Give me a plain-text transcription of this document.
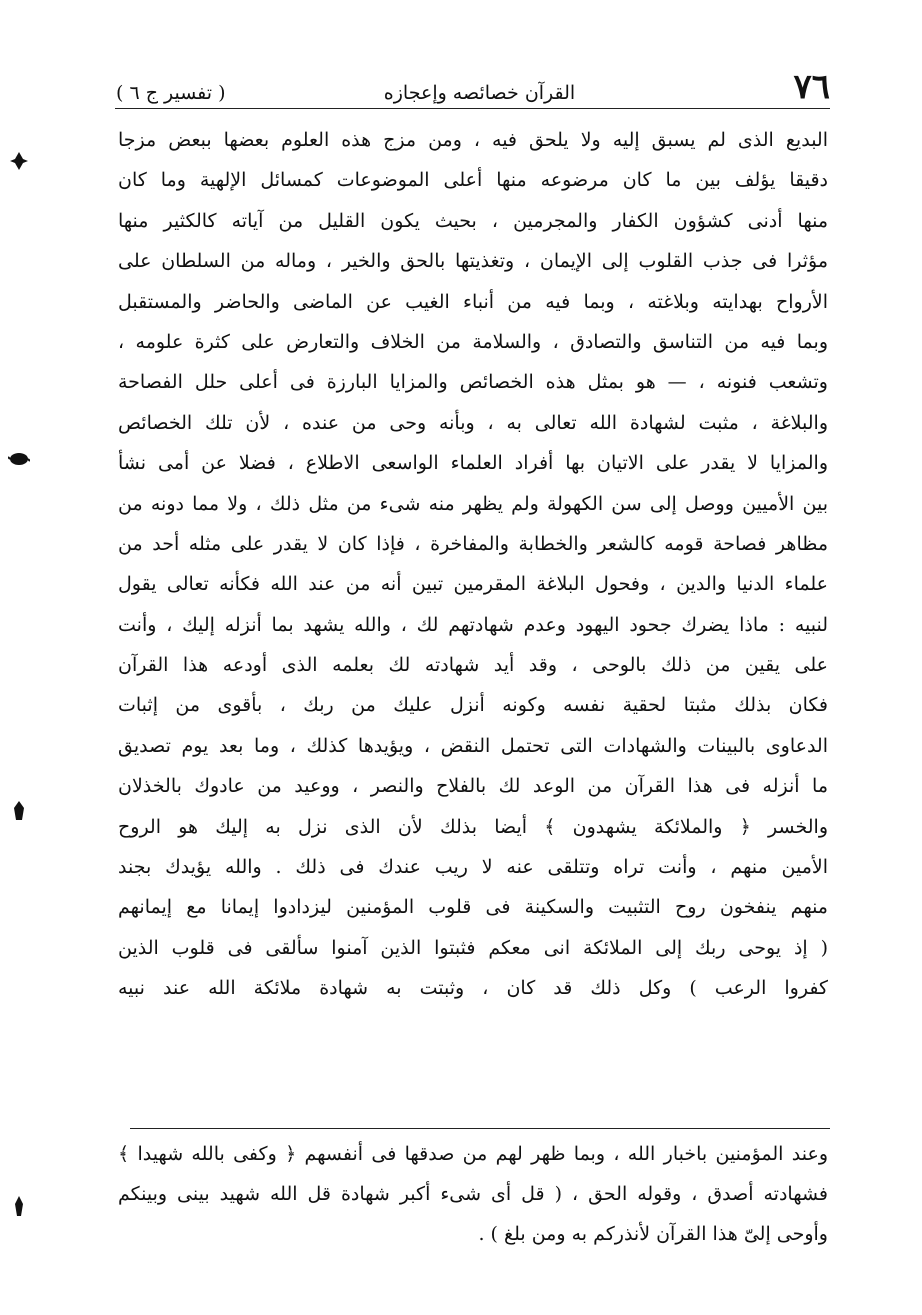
٧٦
القرآن خصائصه وإعجازه
( تفسير ج ٦ )
البديع الذى لم يسبق إليه ولا يلحق فيه ، ومن مزج هذه العلوم بعضها ببعض مزجا
دقيقا يؤلف بين ما كان مرضوعه منها أعلى الموضوعات كمسائل الإلهية وما كان
منها أدنى كشؤون الكفار والمجرمين ، بحيث يكون القليل من آياته كالكثير منها
مؤثرا فى جذب القلوب إلى الإيمان ، وتغذيتها بالحق والخير ، وماله من السلطان على
الأرواح بهدايته وبلاغته ، وبما فيه من أنباء الغيب عن الماضى والحاضر والمستقبل
وبما فيه من التناسق والتصادق ، والسلامة من الخلاف والتعارض على كثرة علومه ،
وتشعب فنونه ، — هو بمثل هذه الخصائص والمزايا البارزة فى أعلى حلل الفصاحة
والبلاغة ، مثبت لشهادة الله تعالى به ، وبأنه وحى من عنده ، لأن تلك الخصائص
والمزايا لا يقدر على الاتيان بها أفراد العلماء الواسعى الاطلاع ، فضلا عن أمى نشأ
بين الأميين ووصل إلى سن الكهولة ولم يظهر منه شىء من مثل ذلك ، ولا مما دونه من
مظاهر فصاحة قومه كالشعر والخطابة والمفاخرة ، فإذا كان لا يقدر على مثله أحد من
علماء الدنيا والدين ، وفحول البلاغة المقرمين تبين أنه من عند الله فكأنه تعالى يقول
لنبيه : ماذا يضرك جحود اليهود وعدم شهادتهم لك ، والله يشهد بما أنزله إليك ، وأنت
على يقين من ذلك بالوحى ، وقد أيد شهادته لك بعلمه الذى أودعه هذا القرآن
فكان بذلك مثبتا لحقية نفسه وكونه أنزل عليك من ربك ، بأقوى من إثبات
الدعاوى بالبينات والشهادات التى تحتمل النقض ، ويؤيدها كذلك ، وما بعد يوم تصديق
ما أنزله فى هذا القرآن من الوعد لك بالفلاح والنصر ، ووعيد من عادوك بالخذلان
والخسر ﴿ والملائكة يشهدون ﴾ أيضا بذلك لأن الذى نزل به إليك هو الروح
الأمين منهم ، وأنت تراه وتتلقى عنه لا ريب عندك فى ذلك . والله يؤيدك بجند
منهم ينفخون روح التثبيت والسكينة فى قلوب المؤمنين ليزدادوا إيمانا مع إيمانهم
( إذ يوحى ربك إلى الملائكة انى معكم فثبتوا الذين آمنوا سألقى فى قلوب الذين
كفروا الرعب ) وكل ذلك قد كان ، وثبتت به شهادة ملائكة الله عند نبيه
وعند المؤمنين باخبار الله ، وبما ظهر لهم من صدقها فى أنفسهم ﴿ وكفى بالله شهيدا ﴾
فشهادته أصدق ، وقوله الحق ، ( قل أى شىء أكبر شهادة قل الله شهيد بينى وبينكم
وأوحى إلىّ هذا القرآن لأنذركم به ومن بلغ ) .
